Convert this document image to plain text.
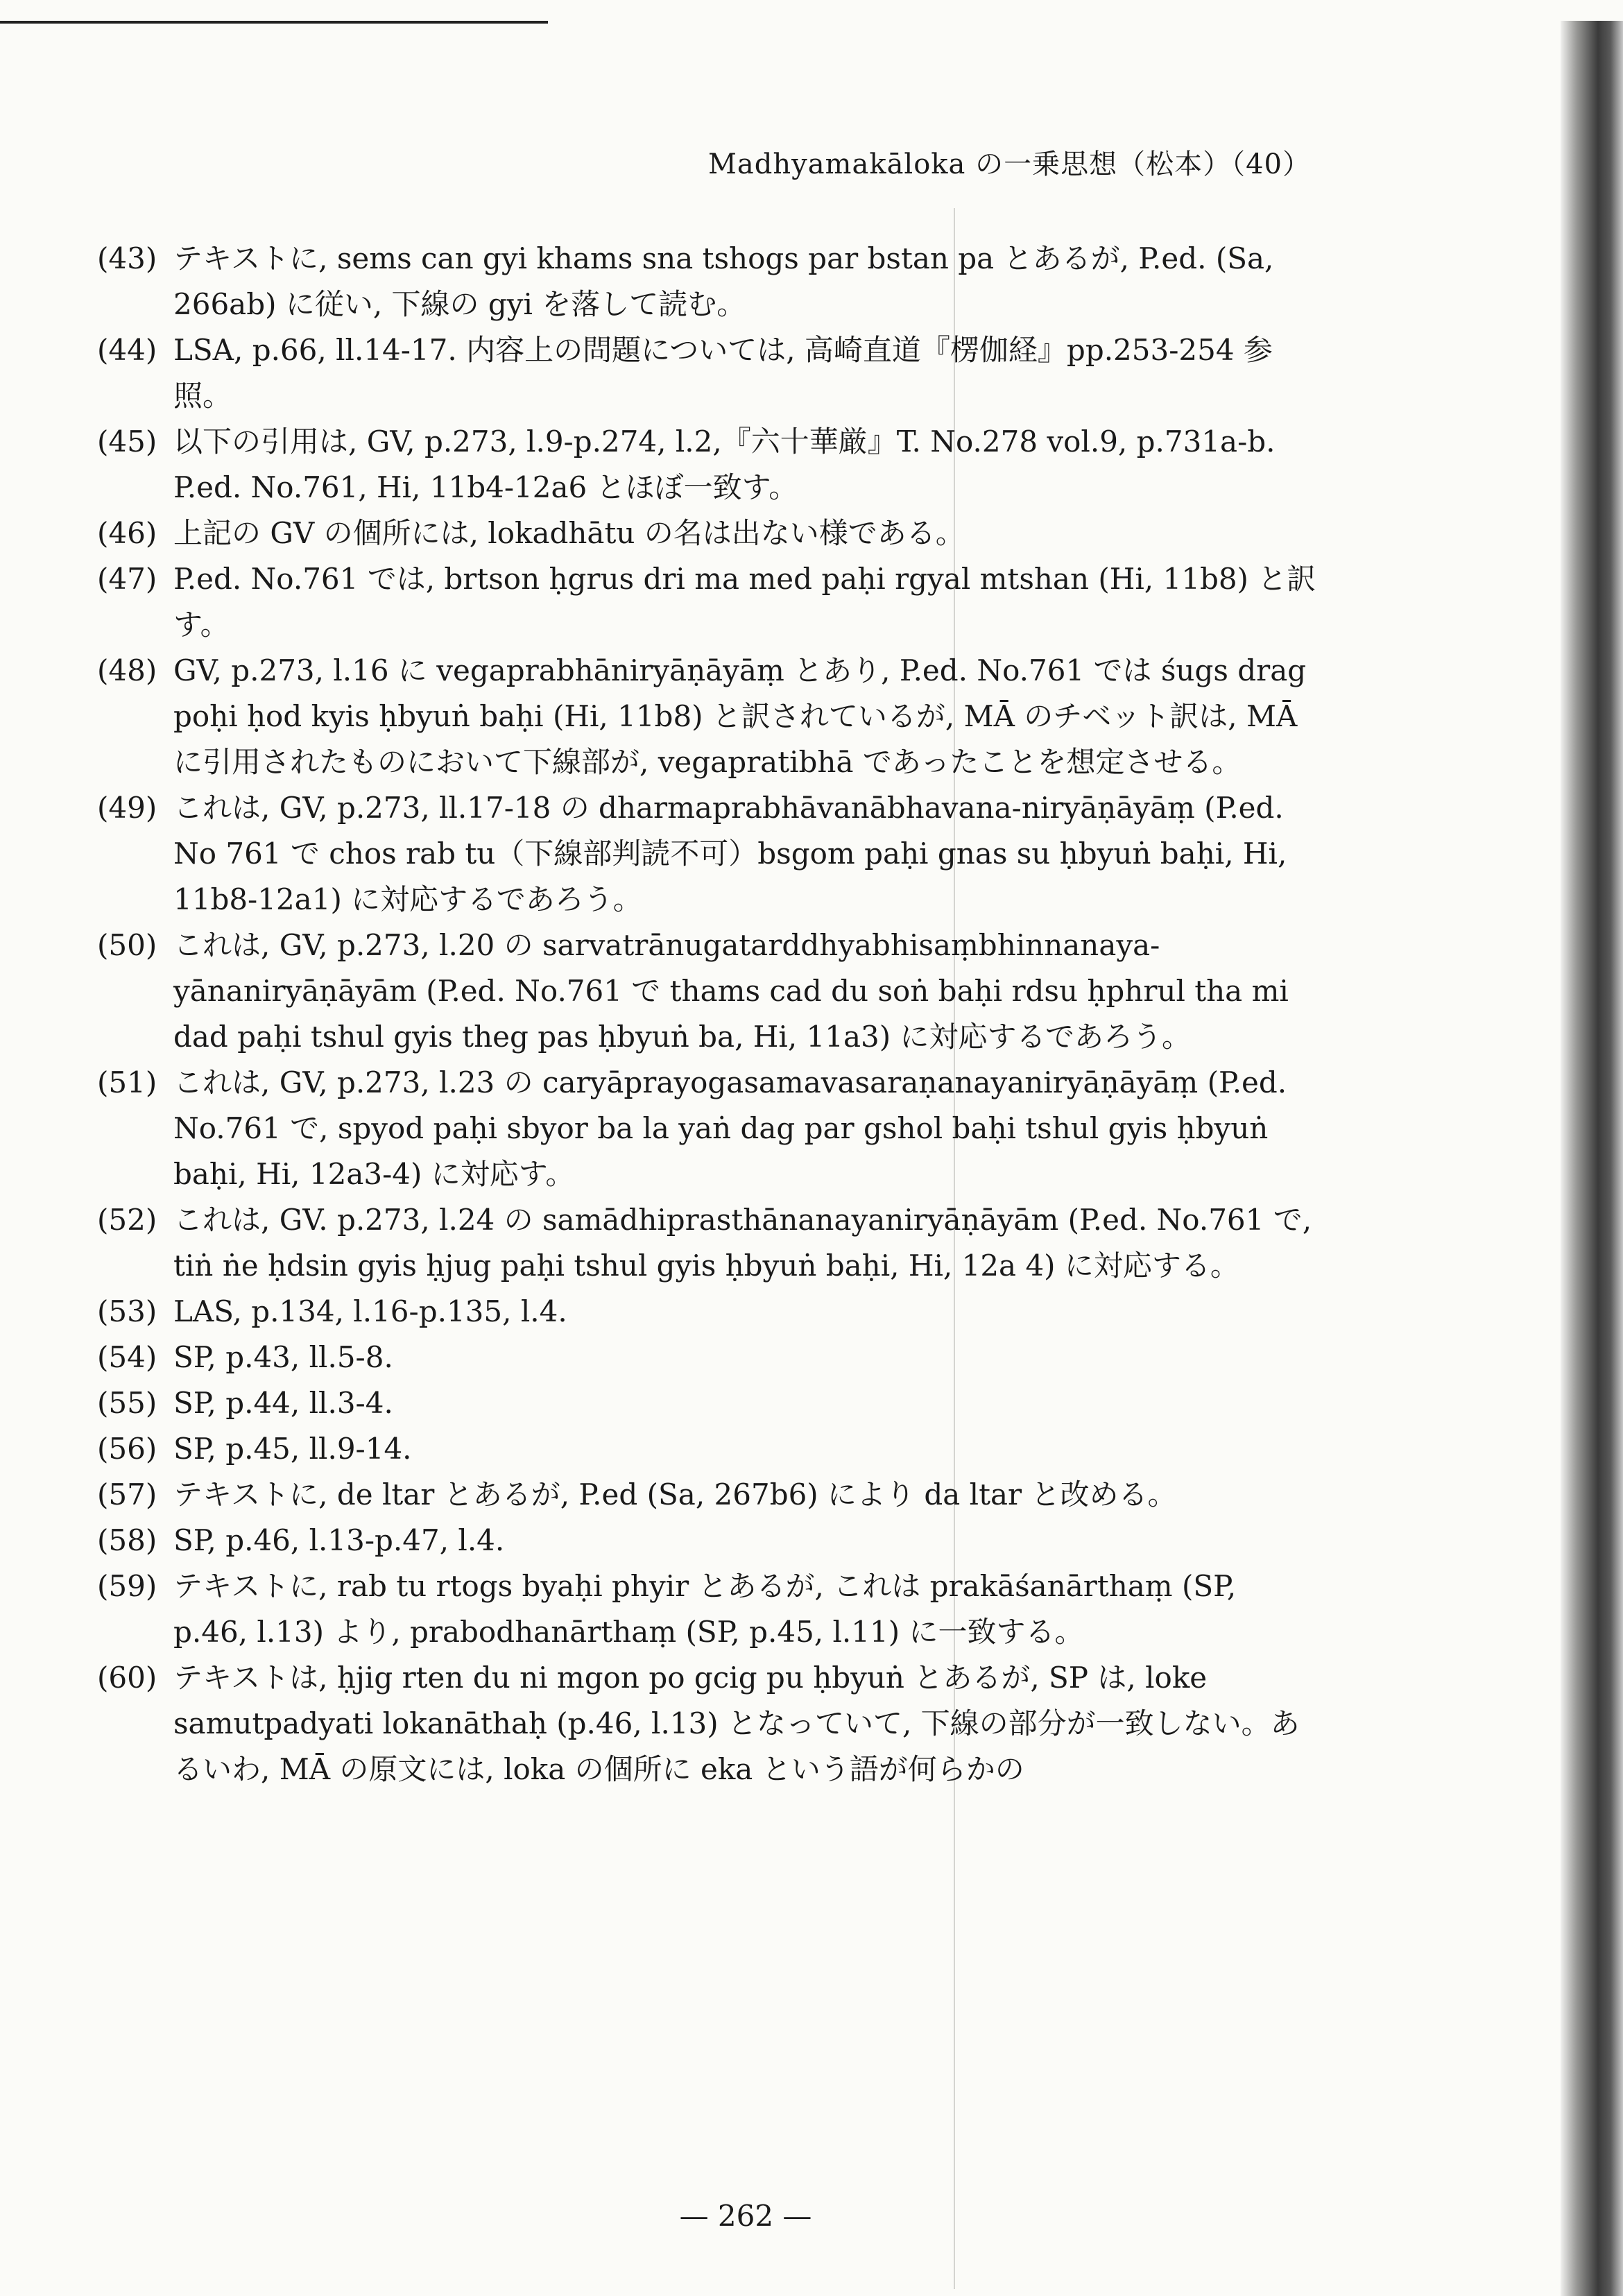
Madhyamakāloka の一乗思想（松本）（40）

(43) テキストに, sems can gyi khams sna tshogs par bstan pa とあるが, P.ed. (Sa, 266ab) に従い, 下線の gyi を落して読む。

(44) LSA, p.66, ll.14-17. 内容上の問題については, 高崎直道『楞伽経』pp.253-254 参照。

(45) 以下の引用は, GV, p.273, l.9-p.274, l.2,『六十華厳』T. No.278 vol.9, p.731a-b. P.ed. No.761, Hi, 11b4-12a6 とほぼ一致す。

(46) 上記の GV の個所には, lokadhātu の名は出ない様である。

(47) P.ed. No.761 では, brtson ḥgrus dri ma med paḥi rgyal mtshan (Hi, 11b8) と訳す。

(48) GV, p.273, l.16 に vegaprabhāniryāṇāyāṃ とあり, P.ed. No.761 では śugs drag poḥi ḥod kyis ḥbyuṅ baḥi (Hi, 11b8) と訳されているが, MĀ のチベット訳は, MĀ に引用されたものにおいて下線部が, vegapratibhā であったことを想定させる。

(49) これは, GV, p.273, ll.17-18 の dharmaprabhāvanābhavana-niryāṇāyāṃ (P.ed. No 761 で chos rab tu（下線部判読不可）bsgom paḥi gnas su ḥbyuṅ baḥi, Hi, 11b8-12a1) に対応するであろう。

(50) これは, GV, p.273, l.20 の sarvatrānugatarddhyabhisaṃbhinnanaya-yānaniryāṇāyām (P.ed. No.761 で thams cad du soṅ baḥi rdsu ḥphrul tha mi dad paḥi tshul gyis theg pas ḥbyuṅ ba, Hi, 11a3) に対応するであろう。

(51) これは, GV, p.273, l.23 の caryāprayogasamavasaraṇanayaniryāṇāyāṃ (P.ed. No.761 で, spyod paḥi sbyor ba la yaṅ dag par gshol baḥi tshul gyis ḥbyuṅ baḥi, Hi, 12a3-4) に対応す。

(52) これは, GV. p.273, l.24 の samādhiprasthānanayaniryāṇāyām (P.ed. No.761 で, tiṅ ṅe ḥdsin gyis ḥjug paḥi tshul gyis ḥbyuṅ baḥi, Hi, 12a 4) に対応する。

(53) LAS, p.134, l.16-p.135, l.4.

(54) SP, p.43, ll.5-8.

(55) SP, p.44, ll.3-4.

(56) SP, p.45, ll.9-14.

(57) テキストに, de ltar とあるが, P.ed (Sa, 267b6) により da ltar と改める。

(58) SP, p.46, l.13-p.47, l.4.

(59) テキストに, rab tu rtogs byaḥi phyir とあるが, これは prakāśanārthaṃ (SP, p.46, l.13) より, prabodhanārthaṃ (SP, p.45, l.11) に一致する。

(60) テキストは, ḥjig rten du ni mgon po gcig pu ḥbyuṅ とあるが, SP は, loke samutpadyati lokanāthaḥ (p.46, l.13) となっていて, 下線の部分が一致しない。あるいわ, MĀ の原文には, loka の個所に eka という語が何らかの

— 262 —
